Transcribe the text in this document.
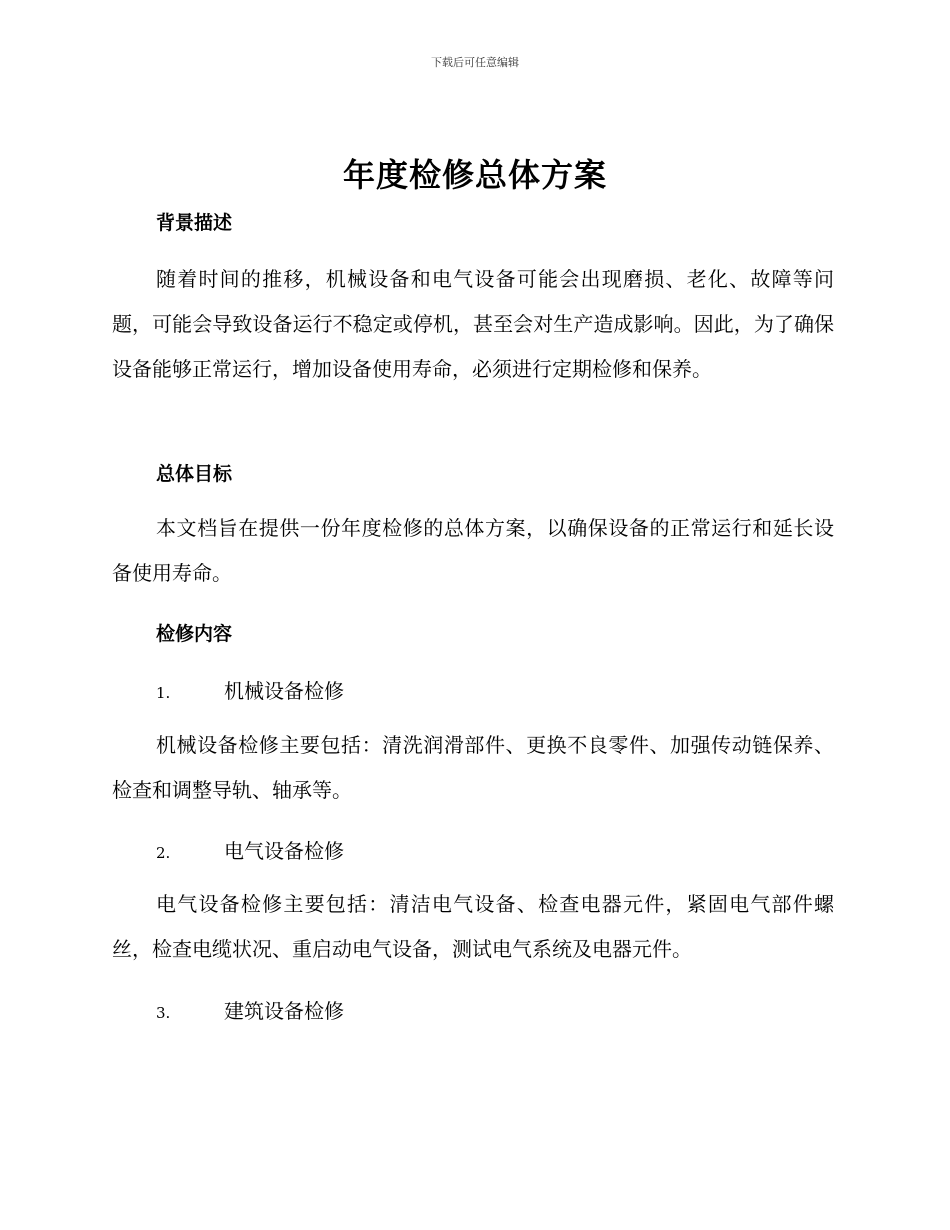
下载后可任意编辑
年度检修总体方案
背景描述
随着时间的推移，机械设备和电气设备可能会出现磨损、老化、故障等问题，可能会导致设备运行不稳定或停机，甚至会对生产造成影响。因此，为了确保设备能够正常运行，增加设备使用寿命，必须进行定期检修和保养。
总体目标
本文档旨在提供一份年度检修的总体方案，以确保设备的正常运行和延长设备使用寿命。
检修内容
1.	机械设备检修
机械设备检修主要包括：清洗润滑部件、更换不良零件、加强传动链保养、检查和调整导轨、轴承等。
2.	电气设备检修
电气设备检修主要包括：清洁电气设备、检查电器元件，紧固电气部件螺丝，检查电缆状况、重启动电气设备，测试电气系统及电器元件。
3.	建筑设备检修
